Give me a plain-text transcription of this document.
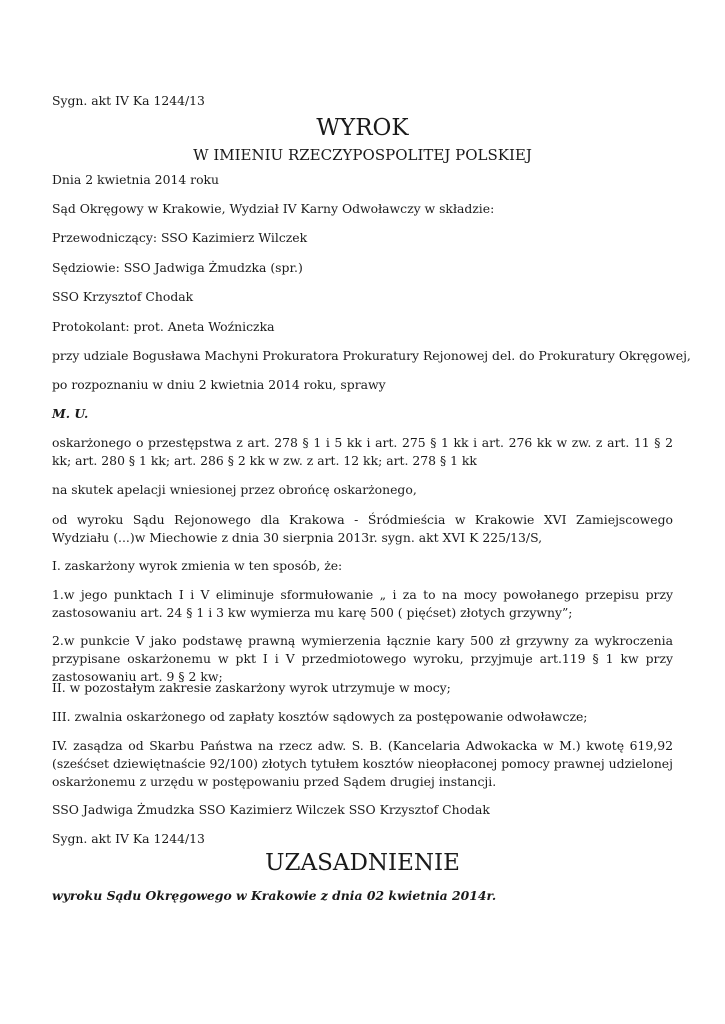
Sygn. akt IV Ka 1244/13

WYROK
W IMIENIU RZECZYPOSPOLITEJ POLSKIEJ

Dnia 2 kwietnia 2014 roku

Sąd Okręgowy w Krakowie, Wydział IV Karny Odwoławczy w składzie:

Przewodniczący: SSO Kazimierz Wilczek

Sędziowie: SSO Jadwiga Żmudzka (spr.)

SSO Krzysztof Chodak

Protokolant: prot. Aneta Woźniczka

przy udziale Bogusława Machyni Prokuratora Prokuratury Rejonowej del. do Prokuratury Okręgowej,

po rozpoznaniu w dniu 2 kwietnia 2014 roku, sprawy

M. U.

oskarżonego o przestępstwa z art. 278 § 1 i 5 kk i art. 275 § 1 kk i art. 276 kk w zw. z art. 11 § 2 kk; art. 280 § 1 kk; art. 286 § 2 kk w zw. z art. 12 kk; art. 278 § 1 kk

na skutek apelacji wniesionej przez obrońcę oskarżonego,

od wyroku Sądu Rejonowego dla Krakowa - Śródmieścia w Krakowie XVI Zamiejscowego Wydziału (...)w Miechowie z dnia 30 sierpnia 2013r. sygn. akt XVI K 225/13/S,

I. zaskarżony wyrok zmienia w ten sposób, że:

1.w jego punktach I i V eliminuje sformułowanie „ i za to na mocy powołanego przepisu przy zastosowaniu art. 24 § 1 i 3 kw wymierza mu karę 500 ( pięćset) złotych grzywny”;

2.w punkcie V jako podstawę prawną wymierzenia łącznie kary 500 zł grzywny za wykroczenia przypisane oskarżonemu w pkt I i V przedmiotowego wyroku, przyjmuje art.119 § 1 kw przy zastosowaniu art. 9 § 2 kw;

II. w pozostałym zakresie zaskarżony wyrok utrzymuje w mocy;

III. zwalnia oskarżonego od zapłaty kosztów sądowych za postępowanie odwoławcze;

IV. zasądza od Skarbu Państwa na rzecz adw. S. B. (Kancelaria Adwokacka w M.) kwotę 619,92 (sześćset dziewiętnaście 92/100) złotych tytułem kosztów nieopłaconej pomocy prawnej udzielonej oskarżonemu z urzędu w postępowaniu przed Sądem drugiej instancji.

SSO Jadwiga Żmudzka SSO Kazimierz Wilczek SSO Krzysztof Chodak

Sygn. akt IV Ka 1244/13

UZASADNIENIE

wyroku Sądu Okręgowego w Krakowie z dnia 02 kwietnia 2014r.
